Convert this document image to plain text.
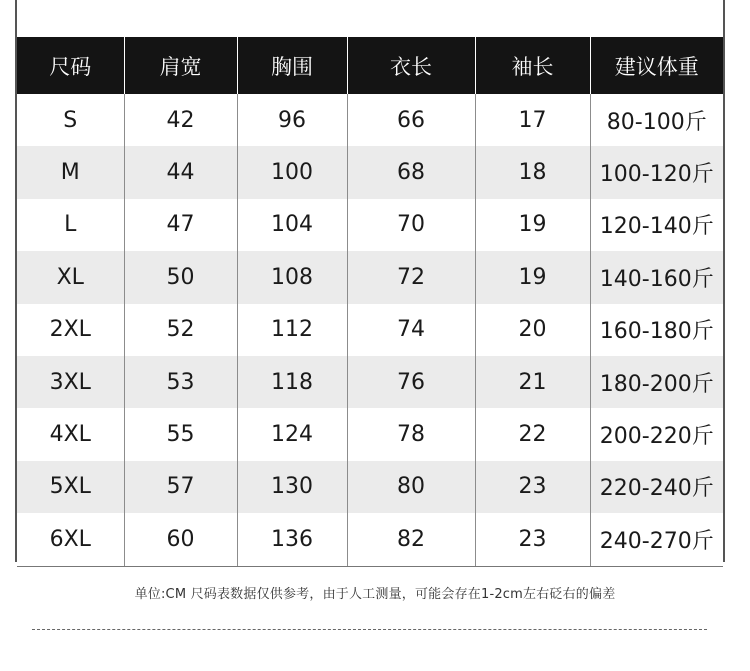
尺码	肩宽	胸围	衣长	袖长	建议体重
S	42	96	66	17	80-100斤
M	44	100	68	18	100-120斤
L	47	104	70	19	120-140斤
XL	50	108	72	19	140-160斤
2XL	52	112	74	20	160-180斤
3XL	53	118	76	21	180-200斤
4XL	55	124	78	22	200-220斤
5XL	57	130	80	23	220-240斤
6XL	60	136	82	23	240-270斤
单位:CM 尺码表数据仅供参考，由于人工测量，可能会存在1-2cm左右砭右的偏差
